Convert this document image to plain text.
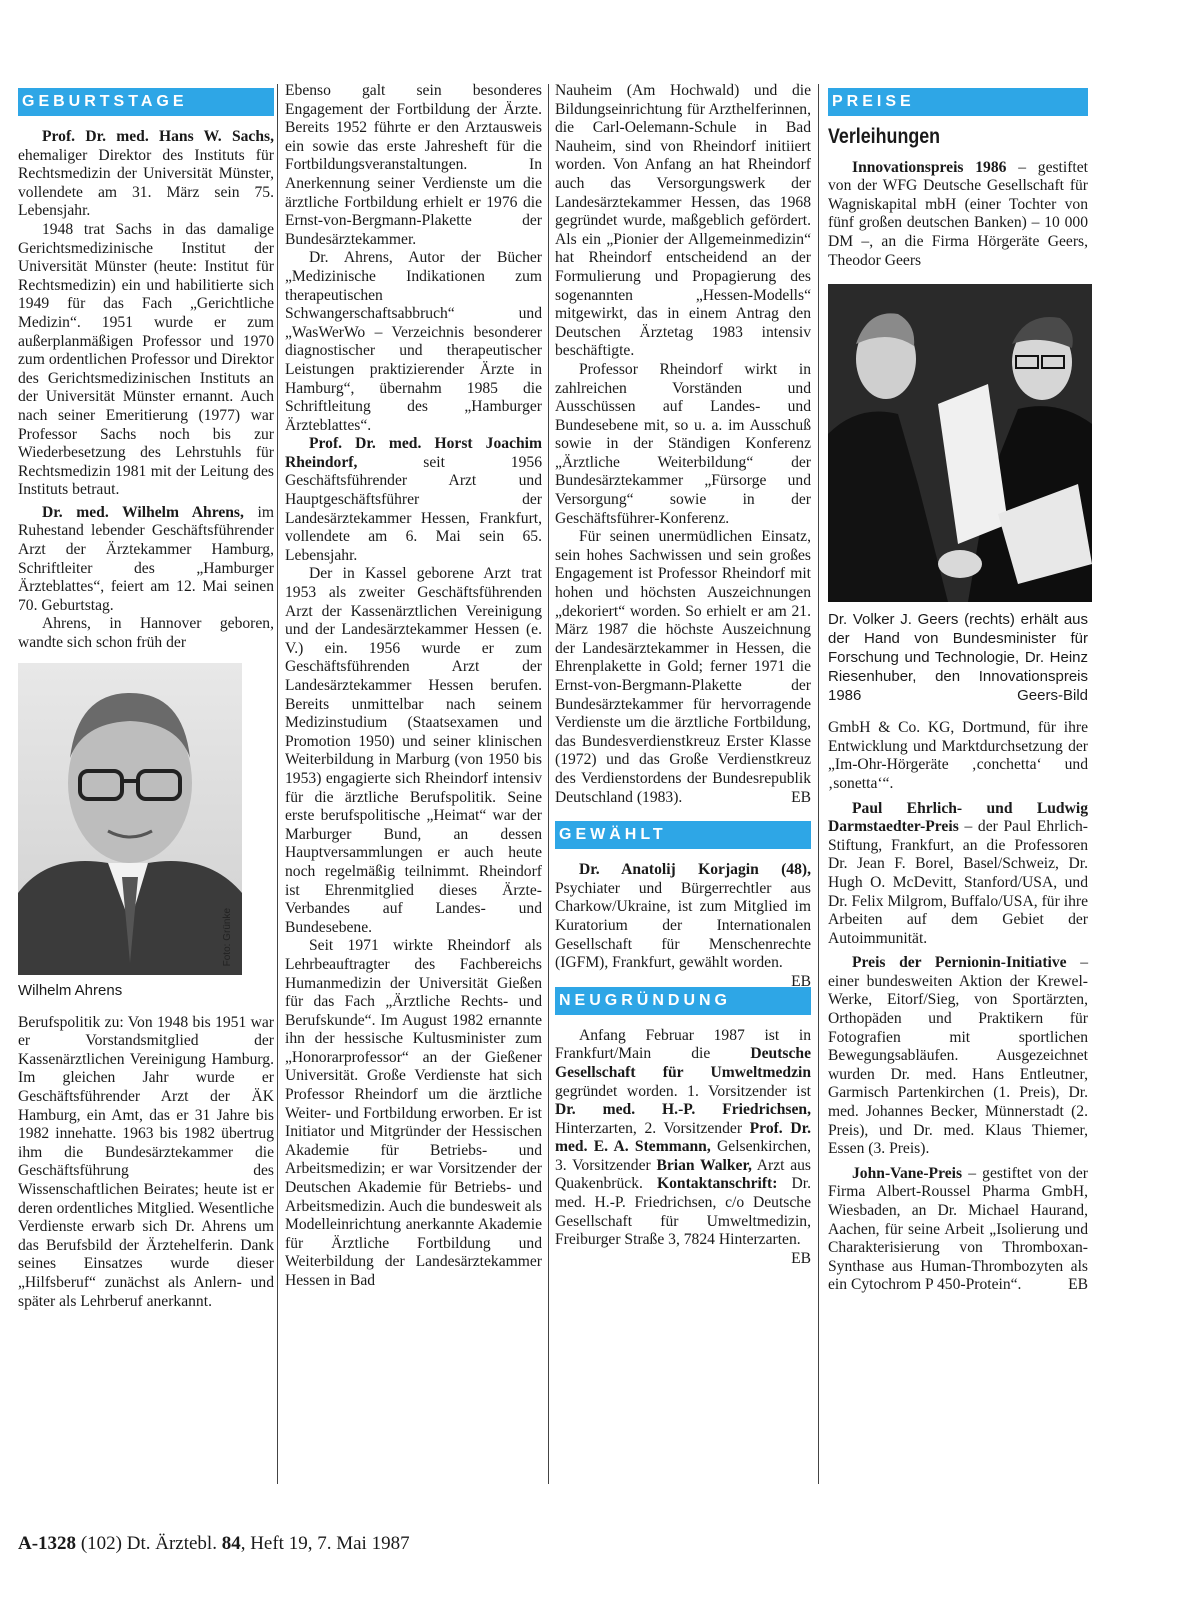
GEBURTSTAGE

Prof. Dr. med. Hans W. Sachs, ehemaliger Direktor des Instituts für Rechtsmedizin der Universität Münster, vollendete am 31. März sein 75. Lebensjahr.

1948 trat Sachs in das damalige Gerichtsmedizinische Institut der Universität Münster (heute: Institut für Rechtsmedizin) ein und habilitierte sich 1949 für das Fach „Gerichtliche Medizin“. 1951 wurde er zum außerplanmäßigen Professor und 1970 zum ordentlichen Professor und Direktor des Gerichtsmedizinischen Instituts an der Universität Münster ernannt. Auch nach seiner Emeritierung (1977) war Professor Sachs noch bis zur Wiederbesetzung des Lehrstuhls für Rechtsmedizin 1981 mit der Leitung des Instituts betraut.

Dr. med. Wilhelm Ahrens, im Ruhestand lebender Geschäftsführender Arzt der Ärztekammer Hamburg, Schriftleiter des „Hamburger Ärzteblattes“, feiert am 12. Mai seinen 70. Geburtstag.

Ahrens, in Hannover geboren, wandte sich schon früh der

Foto: Grünke
Wilhelm Ahrens

Berufspolitik zu: Von 1948 bis 1951 war er Vorstandsmitglied der Kassenärztlichen Vereinigung Hamburg. Im gleichen Jahr wurde er Geschäftsführender Arzt der ÄK Hamburg, ein Amt, das er 31 Jahre bis 1982 innehatte. 1963 bis 1982 übertrug ihm die Bundesärztekammer die Geschäftsführung des Wissenschaftlichen Beirates; heute ist er deren ordentliches Mitglied. Wesentliche Verdienste erwarb sich Dr. Ahrens um das Berufsbild der Ärztehelferin. Dank seines Einsatzes wurde dieser „Hilfsberuf“ zunächst als Anlern- und später als Lehrberuf anerkannt.

Ebenso galt sein besonderes Engagement der Fortbildung der Ärzte. Bereits 1952 führte er den Arztausweis ein sowie das erste Jahresheft für die Fortbildungsveranstaltungen. In Anerkennung seiner Verdienste um die ärztliche Fortbildung erhielt er 1976 die Ernst-von-Bergmann-Plakette der Bundesärztekammer.

Dr. Ahrens, Autor der Bücher „Medizinische Indikationen zum therapeutischen Schwangerschaftsabbruch“ und „WasWerWo – Verzeichnis besonderer diagnostischer und therapeutischer Leistungen praktizierender Ärzte in Hamburg“, übernahm 1985 die Schriftleitung des „Hamburger Ärzteblattes“.

Prof. Dr. med. Horst Joachim Rheindorf, seit 1956 Geschäftsführender Arzt und Hauptgeschäftsführer der Landesärztekammer Hessen, Frankfurt, vollendete am 6. Mai sein 65. Lebensjahr.

Der in Kassel geborene Arzt trat 1953 als zweiter Geschäftsführenden Arzt der Kassenärztlichen Vereinigung und der Landesärztekammer Hessen (e. V.) ein. 1956 wurde er zum Geschäftsführenden Arzt der Landesärztekammer Hessen berufen. Bereits unmittelbar nach seinem Medizinstudium (Staatsexamen und Promotion 1950) und seiner klinischen Weiterbildung in Marburg (von 1950 bis 1953) engagierte sich Rheindorf intensiv für die ärztliche Berufspolitik. Seine erste berufspolitische „Heimat“ war der Marburger Bund, an dessen Hauptversammlungen er auch heute noch regelmäßig teilnimmt. Rheindorf ist Ehrenmitglied dieses Ärzte-Verbandes auf Landes- und Bundesebene.

Seit 1971 wirkte Rheindorf als Lehrbeauftragter des Fachbereichs Humanmedizin der Universität Gießen für das Fach „Ärztliche Rechts- und Berufskunde“. Im August 1982 ernannte ihn der hessische Kultusminister zum „Honorarprofessor“ an der Gießener Universität. Große Verdienste hat sich Professor Rheindorf um die ärztliche Weiter- und Fortbildung erworben. Er ist Initiator und Mitgründer der Hessischen Akademie für Betriebs- und Arbeitsmedizin; er war Vorsitzender der Deutschen Akademie für Betriebs- und Arbeitsmedizin. Auch die bundesweit als Modelleinrichtung anerkannte Akademie für Ärztliche Fortbildung und Weiterbildung der Landesärztekammer Hessen in Bad

Nauheim (Am Hochwald) und die Bildungseinrichtung für Arzthelferinnen, die Carl-Oelemann-Schule in Bad Nauheim, sind von Rheindorf initiiert worden. Von Anfang an hat Rheindorf auch das Versorgungswerk der Landesärztekammer Hessen, das 1968 gegründet wurde, maßgeblich gefördert. Als ein „Pionier der Allgemeinmedizin“ hat Rheindorf entscheidend an der Formulierung und Propagierung des sogenannten „Hessen-Modells“ mitgewirkt, das in einem Antrag den Deutschen Ärztetag 1983 intensiv beschäftigte.

Professor Rheindorf wirkt in zahlreichen Vorständen und Ausschüssen auf Landes- und Bundesebene mit, so u. a. im Ausschuß sowie in der Ständigen Konferenz „Ärztliche Weiterbildung“ der Bundesärztekammer „Fürsorge und Versorgung“ sowie in der Geschäftsführer-Konferenz.

Für seinen unermüdlichen Einsatz, sein hohes Sachwissen und sein großes Engagement ist Professor Rheindorf mit hohen und höchsten Auszeichnungen „dekoriert“ worden. So erhielt er am 21. März 1987 die höchste Auszeichnung der Landesärztekammer in Hessen, die Ehrenplakette in Gold; ferner 1971 die Ernst-von-Bergmann-Plakette der Bundesärztekammer für hervorragende Verdienste um die ärztliche Fortbildung, das Bundesverdienstkreuz Erster Klasse (1972) und das Große Verdienstkreuz des Verdienstordens der Bundesrepublik Deutschland (1983).	EB

GEWÄHLT

Dr. Anatolij Korjagin (48), Psychiater und Bürgerrechtler aus Charkow/Ukraine, ist zum Mitglied im Kuratorium der Internationalen Gesellschaft für Menschenrechte (IGFM), Frankfurt, gewählt worden.
EB

NEUGRÜNDUNG

Anfang Februar 1987 ist in Frankfurt/Main die Deutsche Gesellschaft für Umweltmedzin gegründet worden. 1. Vorsitzender ist Dr. med. H.-P. Friedrichsen, Hinterzarten, 2. Vorsitzender Prof. Dr. med. E. A. Stemmann, Gelsenkirchen, 3. Vorsitzender Brian Walker, Arzt aus Quakenbrück. Kontaktanschrift: Dr. med. H.-P. Friedrichsen, c/o Deutsche Gesellschaft für Umweltmedizin, Freiburger Straße 3, 7824 Hinterzarten.
EB

PREISE
Verleihungen

Innovationspreis 1986 – gestiftet von der WFG Deutsche Gesellschaft für Wagniskapital mbH (einer Tochter von fünf großen deutschen Banken) – 10 000 DM –, an die Firma Hörgeräte Geers, Theodor Geers

Dr. Volker J. Geers (rechts) erhält aus der Hand von Bundesminister für Forschung und Technologie, Dr. Heinz Riesenhuber, den Innovationspreis 1986	Geers-Bild

GmbH & Co. KG, Dortmund, für ihre Entwicklung und Marktdurchsetzung der „Im-Ohr-Hörgeräte ‚conchetta‘ und ‚sonetta‘“.

Paul Ehrlich- und Ludwig Darmstaedter-Preis – der Paul Ehrlich-Stiftung, Frankfurt, an die Professoren Dr. Jean F. Borel, Basel/Schweiz, Dr. Hugh O. McDevitt, Stanford/USA, und Dr. Felix Milgrom, Buffalo/USA, für ihre Arbeiten auf dem Gebiet der Autoimmunität.

Preis der Pernionin-Initiative – einer bundesweiten Aktion der Krewel-Werke, Eitorf/Sieg, von Sportärzten, Orthopäden und Praktikern für Fotografien mit sportlichen Bewegungsabläufen. Ausgezeichnet wurden Dr. med. Hans Entleutner, Garmisch Partenkirchen (1. Preis), Dr. med. Johannes Becker, Münnerstadt (2. Preis), und Dr. med. Klaus Thiemer, Essen (3. Preis).

John-Vane-Preis – gestiftet von der Firma Albert-Roussel Pharma GmbH, Wiesbaden, an Dr. Michael Haurand, Aachen, für seine Arbeit „Isolierung und Charakterisierung von Thromboxan-Synthase aus Human-Thrombozyten als ein Cytochrom P 450-Protein“.	EB

A-1328 (102) Dt. Ärztebl. 84, Heft 19, 7. Mai 1987
